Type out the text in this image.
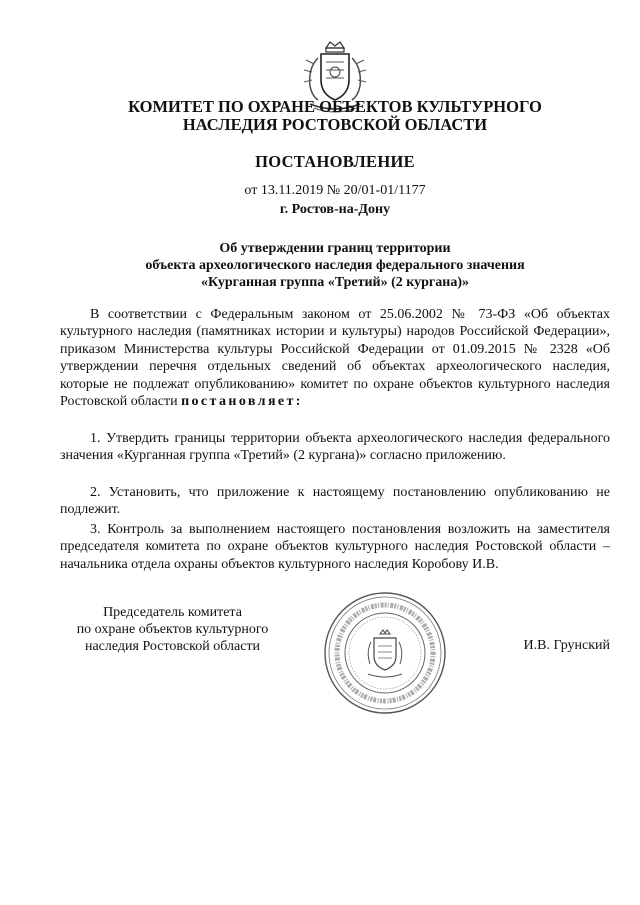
КОМИТЕТ ПО ОХРАНЕ ОБЪЕКТОВ КУЛЬТУРНОГО
НАСЛЕДИЯ РОСТОВСКОЙ ОБЛАСТИ
ПОСТАНОВЛЕНИЕ
от 13.11.2019 № 20/01-01/1177
г. Ростов-на-Дону
Об утверждении границ территории
объекта археологического наследия федерального значения
«Курганная группа «Третий» (2 кургана)»

В соответствии с Федеральным законом от 25.06.2002 № 73-ФЗ «Об объектах культурного наследия (памятниках истории и культуры) народов Российской Федерации», приказом Министерства культуры Российской Федерации от 01.09.2015 № 2328 «Об утверждении перечня отдельных сведений об объектах археологического наследия, которые не подлежат опубликованию» комитет по охране объектов культурного наследия Ростовской области постановляет:

1. Утвердить границы территории объекта археологического наследия федерального значения «Курганная группа «Третий» (2 кургана)» согласно приложению.

2. Установить, что приложение к настоящему постановлению опубликованию не подлежит.

3. Контроль за выполнением настоящего постановления возложить на заместителя председателя комитета по охране объектов культурного наследия Ростовской области – начальника отдела охраны объектов культурного наследия Коробову И.В.

Председатель комитета
по охране объектов культурного
наследия Ростовской области	И.В. Грунский
